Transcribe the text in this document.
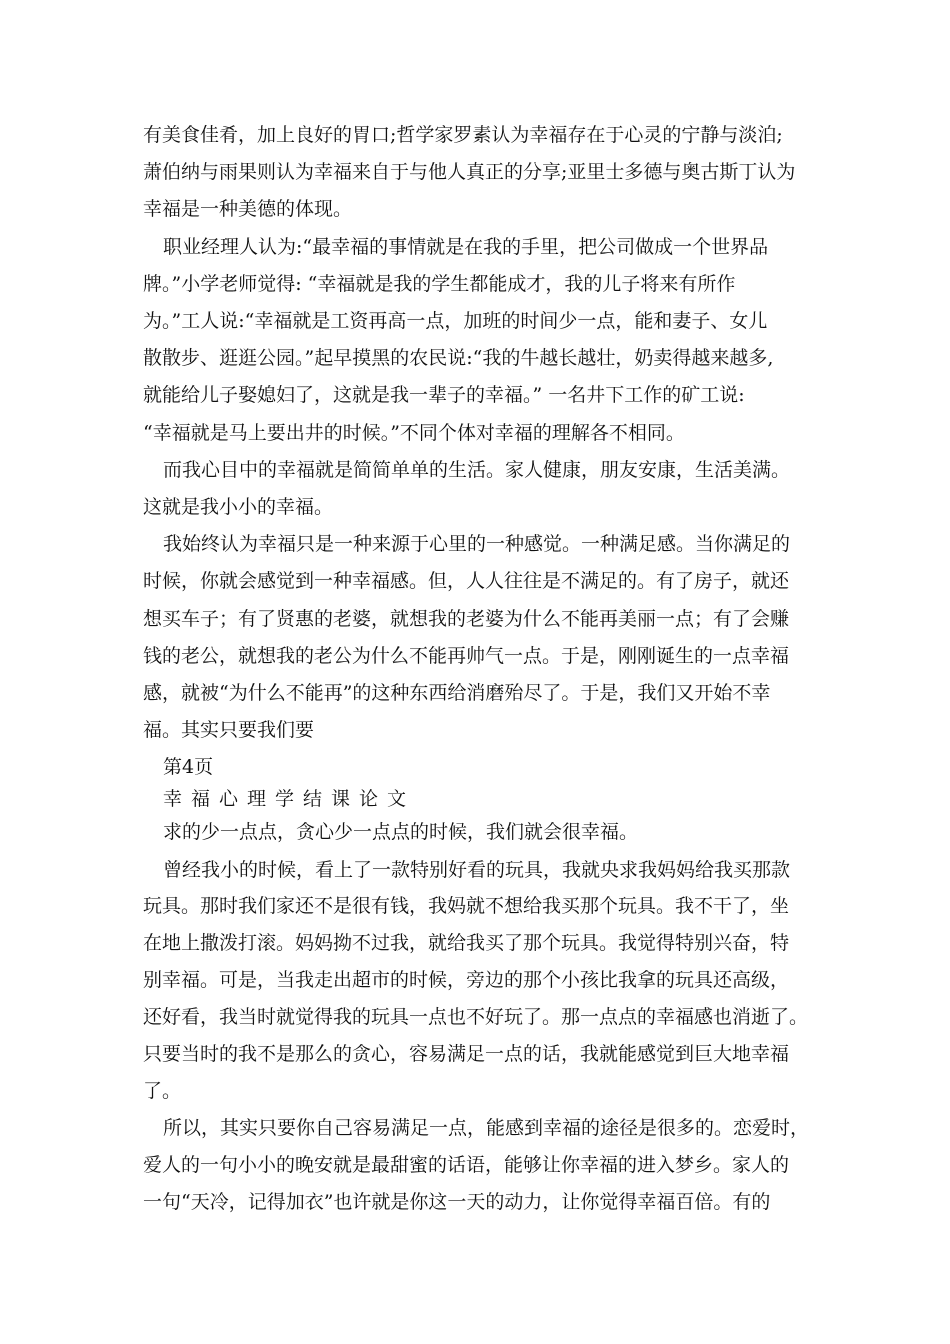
有美食佳肴，加上良好的胃口;哲学家罗素认为幸福存在于心灵的宁静与淡泊;
萧伯纳与雨果则认为幸福来自于与他人真正的分享;亚里士多德与奥古斯丁认为
幸福是一种美德的体现。
职业经理人认为:“最幸福的事情就是在我的手里，把公司做成一个世界品
牌。”小学老师觉得: “幸福就是我的学生都能成才，我的儿子将来有所作
为。”工人说:“幸福就是工资再高一点，加班的时间少一点，能和妻子、女儿
散散步、逛逛公园。”起早摸黑的农民说:“我的牛越长越壮，奶卖得越来越多,
就能给儿子娶媳妇了，这就是我一辈子的幸福。” 一名井下工作的矿工说:
“幸福就是马上要出井的时候。”不同个体对幸福的理解各不相同。
而我心目中的幸福就是简简单单的生活。家人健康，朋友安康，生活美满。
这就是我小小的幸福。
我始终认为幸福只是一种来源于心里的一种感觉。一种满足感。当你满足的
时候，你就会感觉到一种幸福感。但，人人往往是不满足的。有了房子，就还
想买车子；有了贤惠的老婆，就想我的老婆为什么不能再美丽一点；有了会赚
钱的老公，就想我的老公为什么不能再帅气一点。于是，刚刚诞生的一点幸福
感，就被“为什么不能再”的这种东西给消磨殆尽了。于是，我们又开始不幸
福。其实只要我们要
第4页
幸福心理学结课论文
求的少一点点，贪心少一点点的时候，我们就会很幸福。
曾经我小的时候，看上了一款特别好看的玩具，我就央求我妈妈给我买那款
玩具。那时我们家还不是很有钱，我妈就不想给我买那个玩具。我不干了，坐
在地上撒泼打滚。妈妈拗不过我，就给我买了那个玩具。我觉得特别兴奋，特
别幸福。可是，当我走出超市的时候，旁边的那个小孩比我拿的玩具还高级，
还好看，我当时就觉得我的玩具一点也不好玩了。那一点点的幸福感也消逝了。
只要当时的我不是那么的贪心，容易满足一点的话，我就能感觉到巨大地幸福
了。
所以，其实只要你自己容易满足一点，能感到幸福的途径是很多的。恋爱时，
爱人的一句小小的晚安就是最甜蜜的话语，能够让你幸福的进入梦乡。家人的
一句“天冷，记得加衣”也许就是你这一天的动力，让你觉得幸福百倍。有的
